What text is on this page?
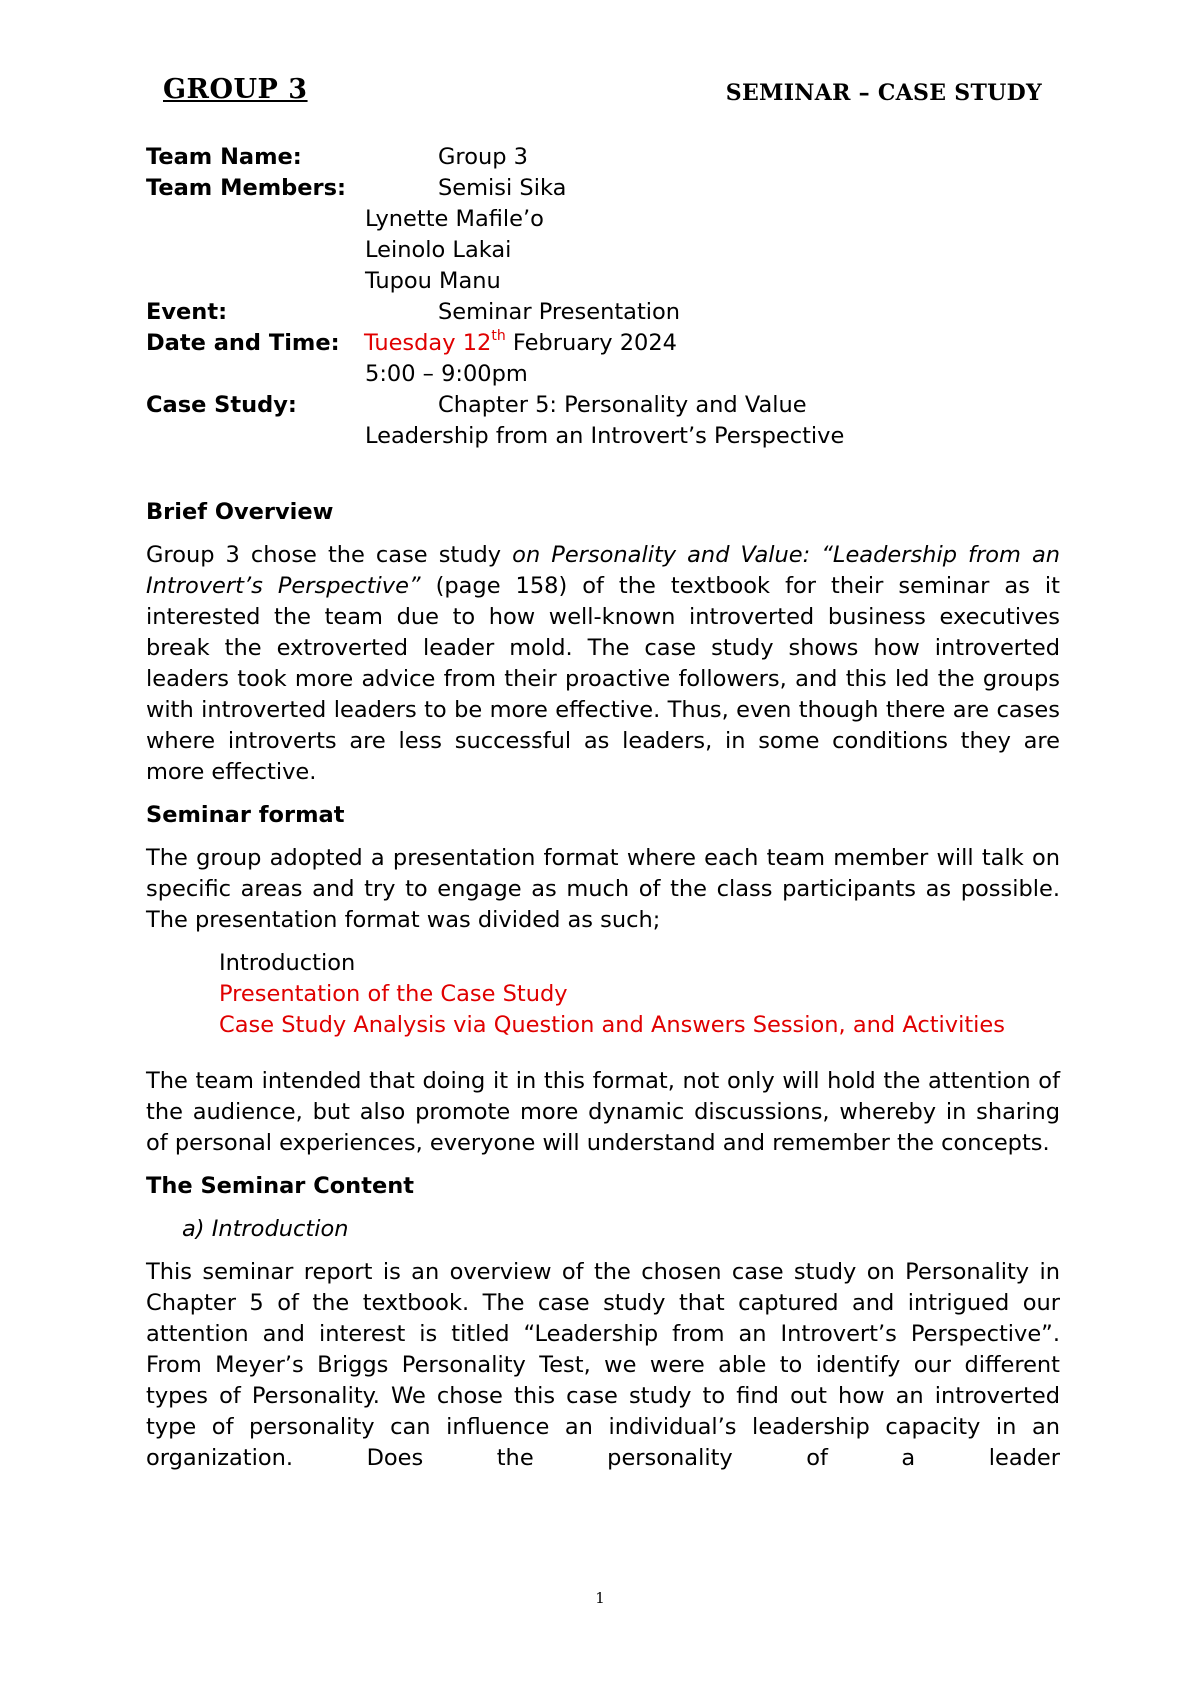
GROUP 3	SEMINAR – CASE STUDY
Team Name:	Group 3
Team Members:	Semisi Sika
Lynette Mafile’o
Leinolo Lakai
Tupou Manu
Event:	Seminar Presentation
Date and Time: Tuesday 12th February 2024
5:00 – 9:00pm
Case Study:	Chapter 5: Personality and Value
Leadership from an Introvert’s Perspective
Brief Overview

Group 3 chose the case study on Personality and Value: “Leadership from an Introvert’s Perspective” (page 158) of the textbook for their seminar as it interested the team due to how well-known introverted business executives break the extroverted leader mold. The case study shows how introverted leaders took more advice from their proactive followers, and this led the groups with introverted leaders to be more effective. Thus, even though there are cases where introverts are less successful as leaders, in some conditions they are more effective.

Seminar format

The group adopted a presentation format where each team member will talk on specific areas and try to engage as much of the class participants as possible. The presentation format was divided as such;

Introduction
Presentation of the Case Study

Case Study Analysis via Question and Answers Session, and Activities

The team intended that doing it in this format, not only will hold the attention of the audience, but also promote more dynamic discussions, whereby in sharing of personal experiences, everyone will understand and remember the concepts.

The Seminar Content
a) Introduction

This seminar report is an overview of the chosen case study on Personality in Chapter 5 of the textbook. The case study that captured and intrigued our attention and interest is titled “Leadership from an Introvert’s Perspective”. From Meyer’s Briggs Personality Test, we were able to identify our different types of Personality. We chose this case study to find out how an introverted type of personality can influence an individual’s leadership capacity in an organization. Does the personality of a leader

1
